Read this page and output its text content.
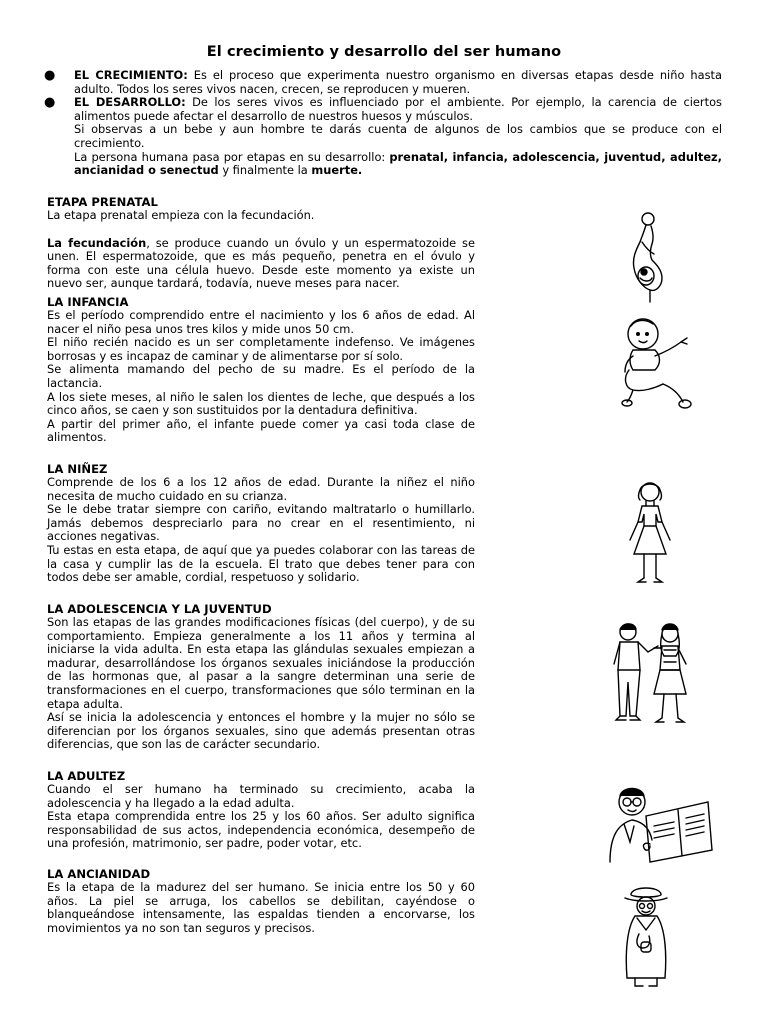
El crecimiento y desarrollo del ser humano
● EL CRECIMIENTO: Es el proceso que experimenta nuestro organismo en diversas etapas desde niño hasta adulto. Todos los seres vivos nacen, crecen, se reproducen y mueren.

● EL DESARROLLO: De los seres vivos es influenciado por el ambiente. Por ejemplo, la carencia de ciertos alimentos puede afectar el desarrollo de nuestros huesos y músculos.

Si observas a un bebe y aun hombre te darás cuenta de algunos de los cambios que se produce con el crecimiento.

La persona humana pasa por etapas en su desarrollo: prenatal, infancia, adolescencia, juventud, adultez, ancianidad o senectud y finalmente la muerte.

ETAPA PRENATAL

La etapa prenatal empieza con la fecundación.

La fecundación, se produce cuando un óvulo y un espermatozoide se unen. El espermatozoide, que es más pequeño, penetra en el óvulo y forma con este una célula huevo. Desde este momento ya existe un nuevo ser, aunque tardará, todavía, nueve meses para nacer.

LA INFANCIA

Es el período comprendido entre el nacimiento y los 6 años de edad. Al nacer el niño pesa unos tres kilos y mide unos 50 cm.

El niño recién nacido es un ser completamente indefenso. Ve imágenes borrosas y es incapaz de caminar y de alimentarse por sí solo.

Se alimenta mamando del pecho de su madre. Es el período de la lactancia.

A los siete meses, al niño le salen los dientes de leche, que después a los cinco años, se caen y son sustituidos por la dentadura definitiva.

A partir del primer año, el infante puede comer ya casi toda clase de alimentos.

LA NIÑEZ

Comprende de los 6 a los 12 años de edad. Durante la niñez el niño necesita de mucho cuidado en su crianza.

Se le debe tratar siempre con cariño, evitando maltratarlo o humillarlo. Jamás debemos despreciarlo para no crear en el resentimiento, ni acciones negativas.

Tu estas en esta etapa, de aquí que ya puedes colaborar con las tareas de la casa y cumplir las de la escuela. El trato que debes tener para con todos debe ser amable, cordial, respetuoso y solidario.

LA ADOLESCENCIA Y LA JUVENTUD

Son las etapas de las grandes modificaciones físicas (del cuerpo), y de su comportamiento. Empieza generalmente a los 11 años y termina al iniciarse la vida adulta. En esta etapa las glándulas sexuales empiezan a madurar, desarrollándose los órganos sexuales iniciándose la producción de las hormonas que, al pasar a la sangre determinan una serie de transformaciones en el cuerpo, transformaciones que sólo terminan en la etapa adulta.

Así se inicia la adolescencia y entonces el hombre y la mujer no sólo se diferencian por los órganos sexuales, sino que además presentan otras diferencias, que son las de carácter secundario.

LA ADULTEZ

Cuando el ser humano ha terminado su crecimiento, acaba la adolescencia y ha llegado a la edad adulta.

Esta etapa comprendida entre los 25 y los 60 años. Ser adulto significa responsabilidad de sus actos, independencia económica, desempeño de una profesión, matrimonio, ser padre, poder votar, etc.

LA ANCIANIDAD

Es la etapa de la madurez del ser humano. Se inicia entre los 50 y 60 años. La piel se arruga, los cabellos se debilitan, cayéndose o blanqueándose intensamente, las espaldas tienden a encorvarse, los movimientos ya no son tan seguros y precisos.
